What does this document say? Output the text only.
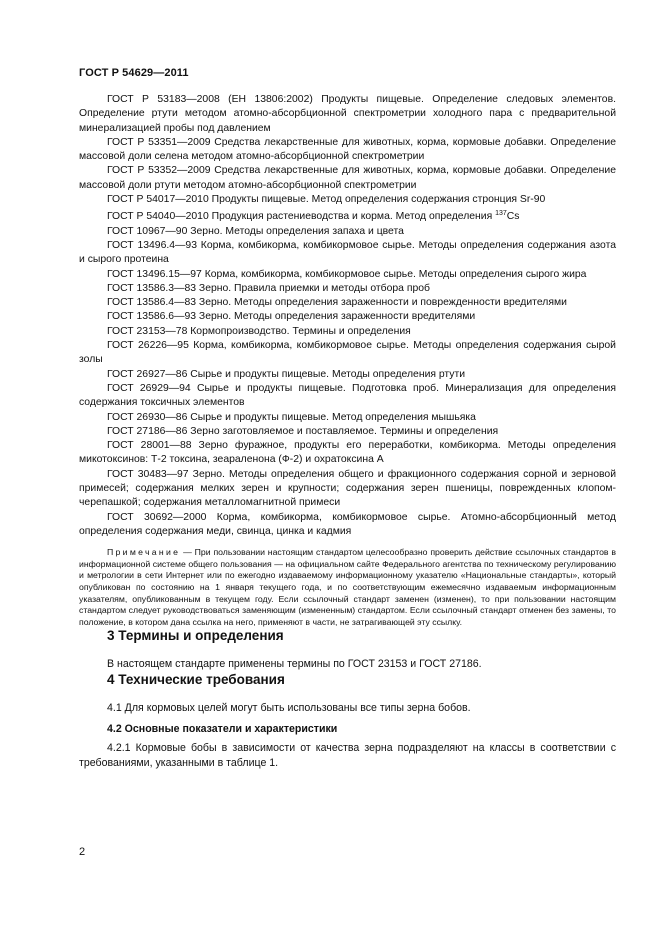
ГОСТ Р 54629—2011

ГОСТ Р 53183—2008 (ЕН 13806:2002) Продукты пищевые. Определение следовых элементов. Определение ртути методом атомно-абсорбционной спектрометрии холодного пара с предварительной минерализацией пробы под давлением

ГОСТ Р 53351—2009 Средства лекарственные для животных, корма, кормовые добавки. Определение массовой доли селена методом атомно-абсорбционной спектрометрии

ГОСТ Р 53352—2009 Средства лекарственные для животных, корма, кормовые добавки. Определение массовой доли ртути методом атомно-абсорбционной спектрометрии

ГОСТ Р 54017—2010 Продукты пищевые. Метод определения содержания стронция Sr-90

ГОСТ Р 54040—2010 Продукция растениеводства и корма. Метод определения $^{137}$Cs

ГОСТ 10967—90 Зерно. Методы определения запаха и цвета

ГОСТ 13496.4—93 Корма, комбикорма, комбикормовое сырье. Методы определения содержания азота и сырого протеина

ГОСТ 13496.15—97 Корма, комбикорма, комбикормовое сырье. Методы определения сырого жира

ГОСТ 13586.3—83 Зерно. Правила приемки и методы отбора проб

ГОСТ 13586.4—83 Зерно. Методы определения зараженности и поврежденности вредителями

ГОСТ 13586.6—93 Зерно. Методы определения зараженности вредителями

ГОСТ 23153—78 Кормопроизводство. Термины и определения

ГОСТ 26226—95 Корма, комбикорма, комбикормовое сырье. Методы определения содержания сырой золы

ГОСТ 26927—86 Сырье и продукты пищевые. Методы определения ртути

ГОСТ 26929—94 Сырье и продукты пищевые. Подготовка проб. Минерализация для определения содержания токсичных элементов

ГОСТ 26930—86 Сырье и продукты пищевые. Метод определения мышьяка

ГОСТ 27186—86 Зерно заготовляемое и поставляемое. Термины и определения

ГОСТ 28001—88 Зерно фуражное, продукты его переработки, комбикорма. Методы определения микотоксинов: Т-2 токсина, зеараленона (Ф-2) и охратоксина А

ГОСТ 30483—97 Зерно. Методы определения общего и фракционного содержания сорной и зерновой примесей; содержания мелких зерен и крупности; содержания зерен пшеницы, поврежденных клопом-черепашкой; содержания металломагнитной примеси

ГОСТ 30692—2000 Корма, комбикорма, комбикормовое сырье. Атомно-абсорбционный метод определения содержания меди, свинца, цинка и кадмия

Примечание — При пользовании настоящим стандартом целесообразно проверить действие ссылочных стандартов в информационной системе общего пользования — на официальном сайте Федерального агентства по техническому регулированию и метрологии в сети Интернет или по ежегодно издаваемому информационному указателю «Национальные стандарты», который опубликован по состоянию на 1 января текущего года, и по соответствующим ежемесячно издаваемым информационным указателям, опубликованным в текущем году. Если ссылочный стандарт заменен (изменен), то при пользовании настоящим стандартом следует руководствоваться заменяющим (измененным) стандартом. Если ссылочный стандарт отменен без замены, то положение, в котором дана ссылка на него, применяют в части, не затрагивающей эту ссылку.

3 Термины и определения

В настоящем стандарте применены термины по ГОСТ 23153 и ГОСТ 27186.

4 Технические требования

4.1 Для кормовых целей могут быть использованы все типы зерна бобов.

4.2 Основные показатели и характеристики

4.2.1 Кормовые бобы в зависимости от качества зерна подразделяют на классы в соответствии с требованиями, указанными в таблице 1.

2
